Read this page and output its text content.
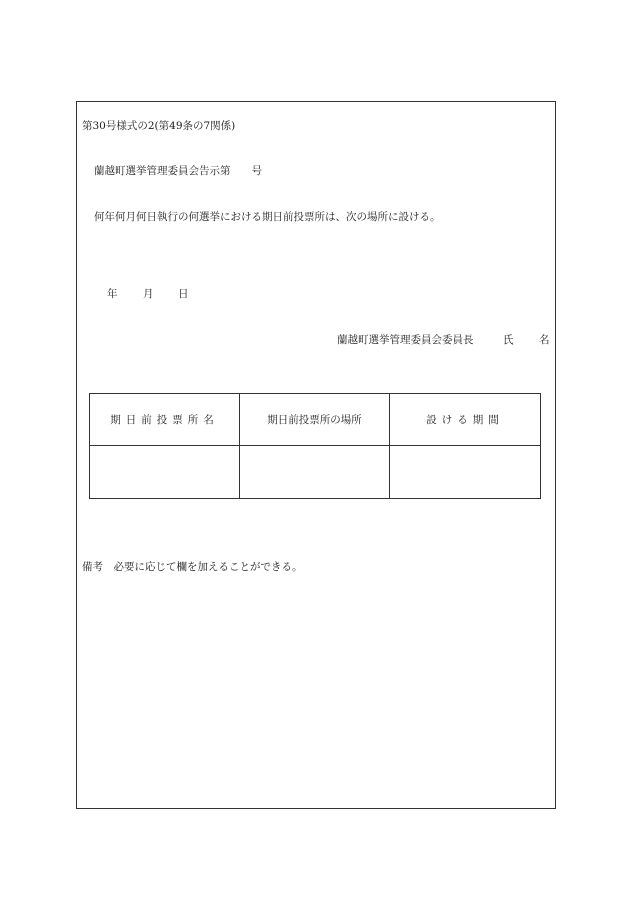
第30号様式の2(第49条の7関係)
蘭越町選挙管理委員会告示第　　号
何年何月何日執行の何選挙における期日前投票所は、次の場所に設ける。
年 月 日
蘭越町選挙管理委員会委員長	氏 名
期日前投票所名	期日前投票所の場所	設ける期間

備考　必要に応じて欄を加えることができる。
